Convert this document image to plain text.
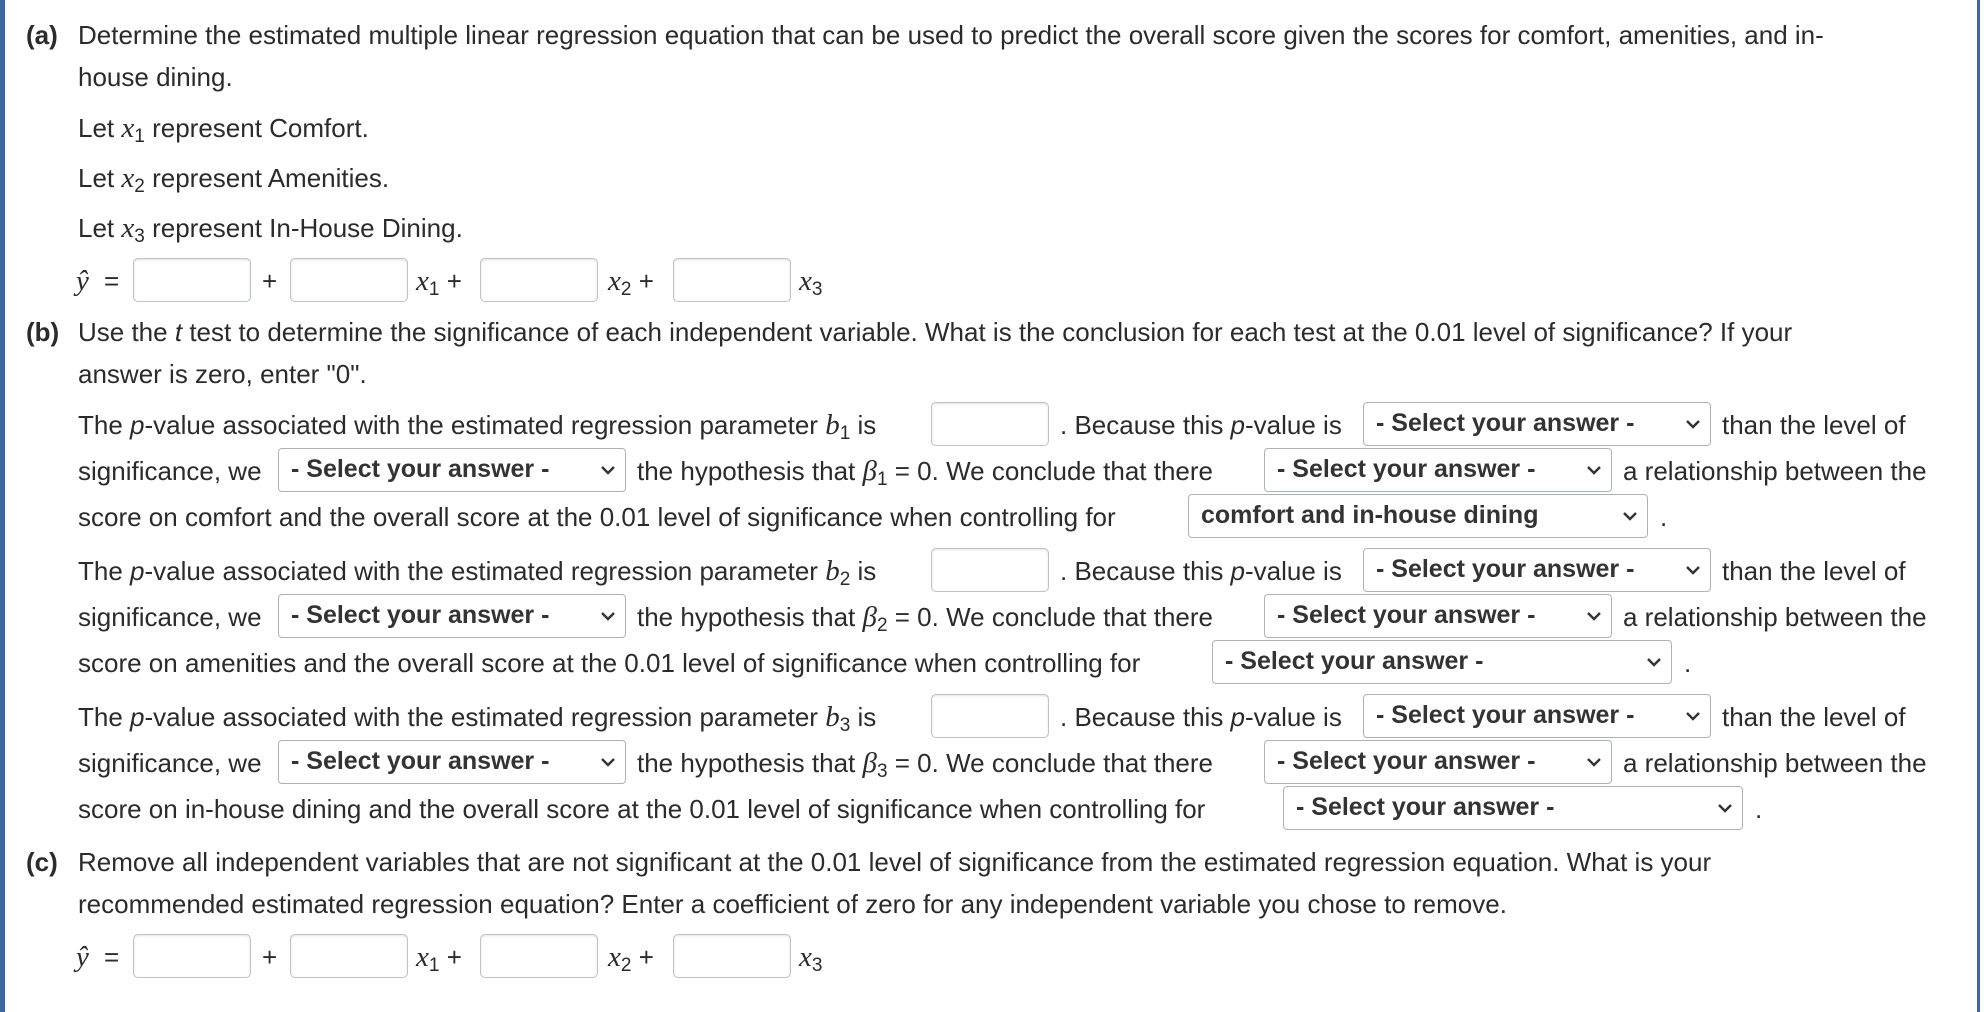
(a) Determine the estimated multiple linear regression equation that can be used to predict the overall score given the scores for comfort, amenities, and in-
house dining.
Let $x_1$ represent Comfort.
Let $x_2$ represent Amenities.
Let $x_3$ represent In-House Dining.
ŷ =	+	$x_1$ +	$x_2$ +	$x_3$
(b) Use the t test to determine the significance of each independent variable. What is the conclusion for each test at the 0.01 level of significance? If your
answer is zero, enter "0".
The p-value associated with the estimated regression parameter $b_1$ is	. Because this p-value is	- Select your answer -	than the level of
significance, we	- Select your answer -	the hypothesis that $\beta_1 = 0$. We conclude that there	- Select your answer -	a relationship between the
score on comfort and the overall score at the 0.01 level of significance when controlling for	comfort and in-house dining	.
The p-value associated with the estimated regression parameter $b_2$ is	. Because this p-value is	- Select your answer -	than the level of
significance, we	- Select your answer -	the hypothesis that $\beta_2 = 0$. We conclude that there	- Select your answer -	a relationship between the
score on amenities and the overall score at the 0.01 level of significance when controlling for	- Select your answer -	.
The p-value associated with the estimated regression parameter $b_3$ is	. Because this p-value is	- Select your answer -	than the level of
significance, we	- Select your answer -	the hypothesis that $\beta_3 = 0$. We conclude that there	- Select your answer -	a relationship between the
score on in-house dining and the overall score at the 0.01 level of significance when controlling for	- Select your answer -	.
(c) Remove all independent variables that are not significant at the 0.01 level of significance from the estimated regression equation. What is your
recommended estimated regression equation? Enter a coefficient of zero for any independent variable you chose to remove.
ŷ =	+	$x_1$ +	$x_2$ +	$x_3$
